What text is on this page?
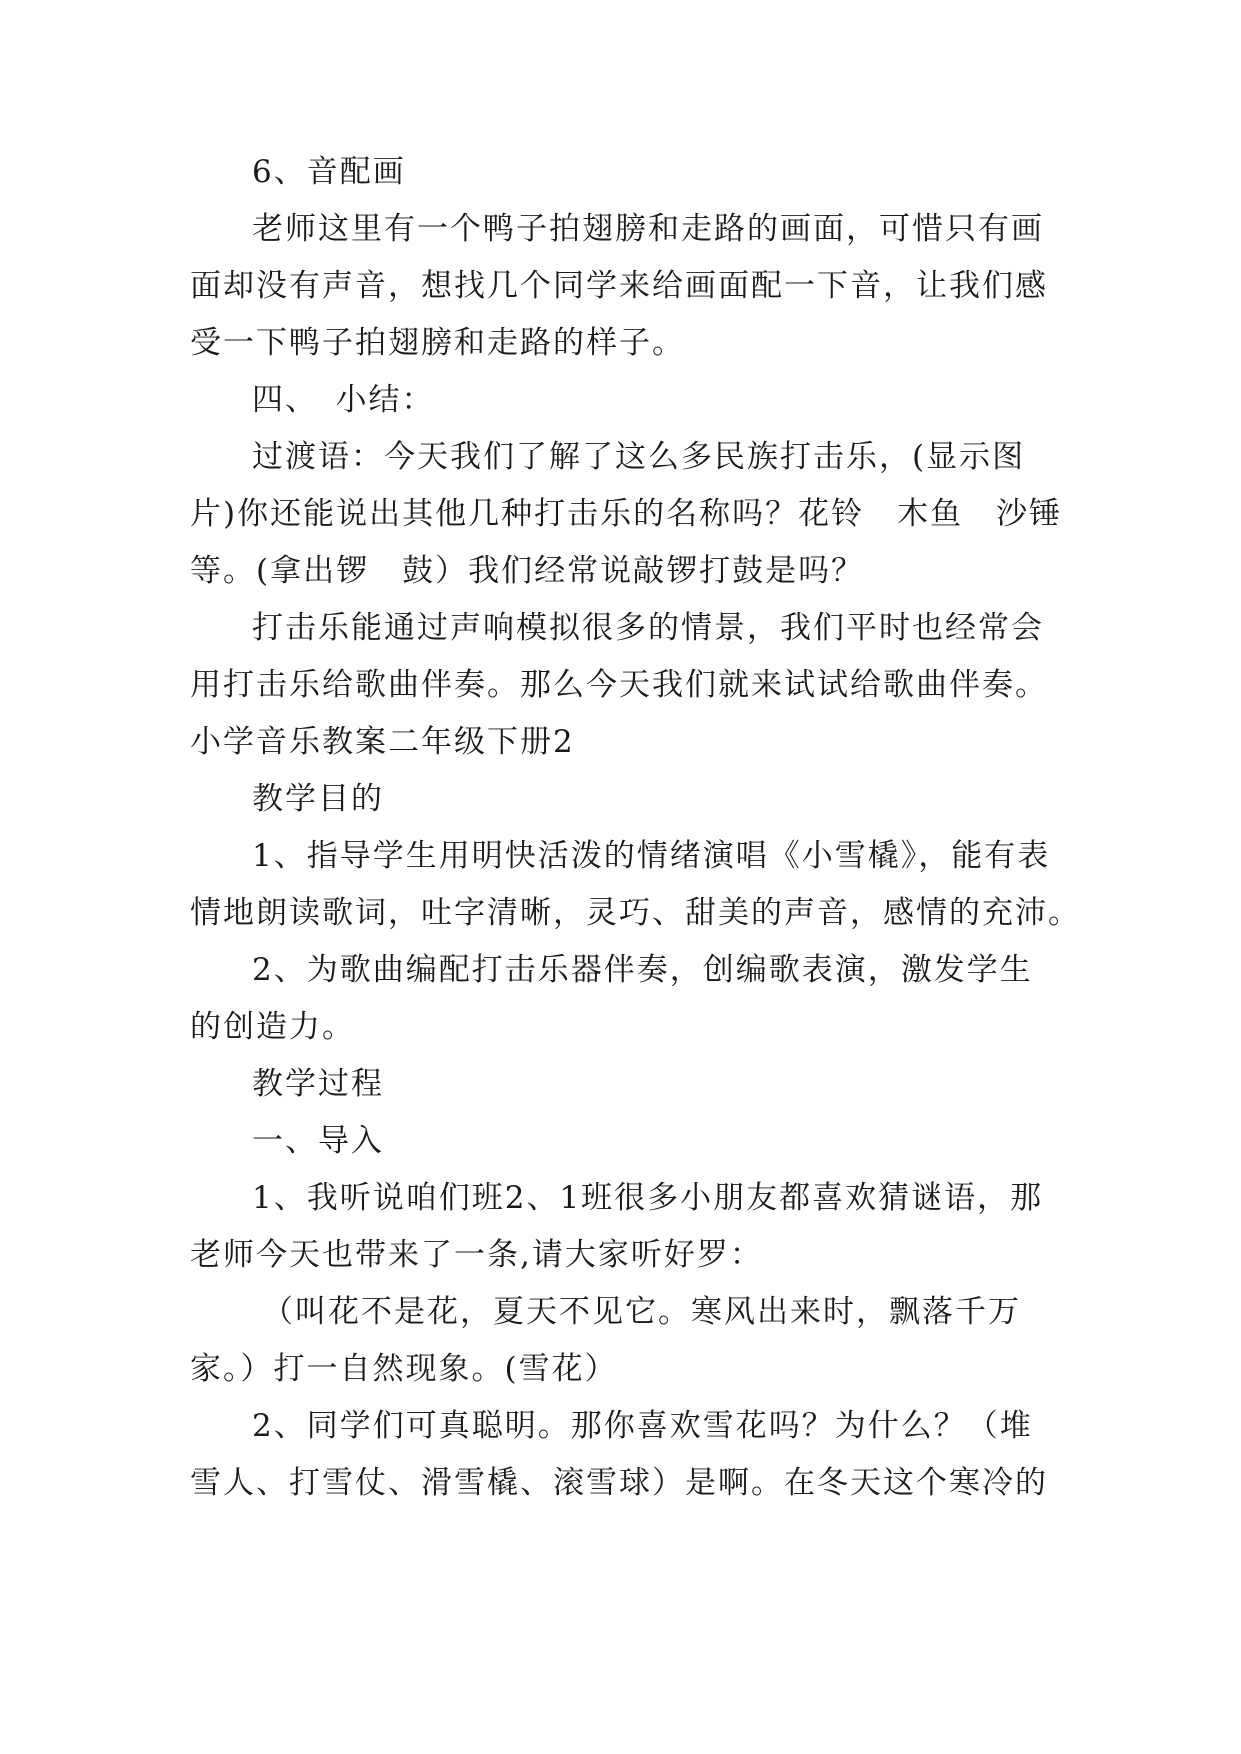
6、音配画
老师这里有一个鸭子拍翅膀和走路的画面，可惜只有画
面却没有声音，想找几个同学来给画面配一下音，让我们感
受一下鸭子拍翅膀和走路的样子。
四、　小结：
过渡语：今天我们了解了这么多民族打击乐，(显示图
片)你还能说出其他几种打击乐的名称吗？花铃　木鱼　沙锤
等。(拿出锣　鼓）我们经常说敲锣打鼓是吗？
打击乐能通过声响模拟很多的情景，我们平时也经常会
用打击乐给歌曲伴奏。那么今天我们就来试试给歌曲伴奏。
小学音乐教案二年级下册2
教学目的
1、指导学生用明快活泼的情绪演唱《小雪橇》，能有表
情地朗读歌词，吐字清晰，灵巧、甜美的声音，感情的充沛。
2、为歌曲编配打击乐器伴奏，创编歌表演，激发学生
的创造力。
教学过程
一、导入
1、我听说咱们班2、1班很多小朋友都喜欢猜谜语，那
老师今天也带来了一条,请大家听好罗：
（叫花不是花，夏天不见它。寒风出来时，飘落千万
家。）打一自然现象。(雪花）
2、同学们可真聪明。那你喜欢雪花吗？为什么？（堆
雪人、打雪仗、滑雪橇、滚雪球）是啊。在冬天这个寒冷的
